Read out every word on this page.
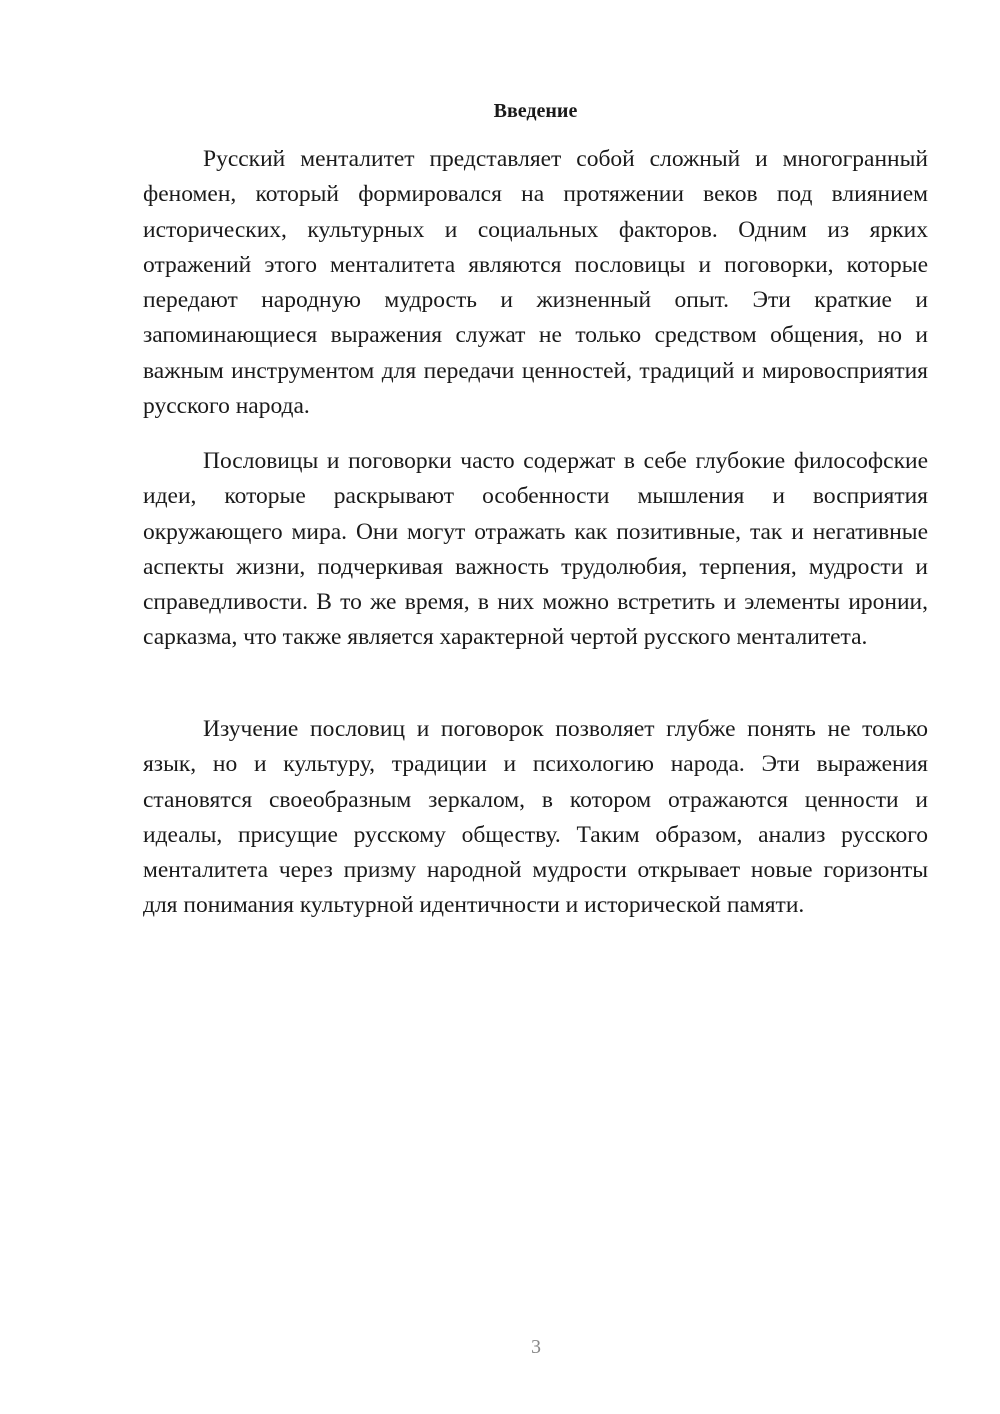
Введение

Русский менталитет представляет собой сложный и многогранный феномен, который формировался на протяжении веков под влиянием исторических, культурных и социальных факторов. Одним из ярких отражений этого менталитета являются пословицы и поговорки, которые передают народную мудрость и жизненный опыт. Эти краткие и запоминающиеся выражения служат не только средством общения, но и важным инструментом для передачи ценностей, традиций и мировосприятия русского народа.

Пословицы и поговорки часто содержат в себе глубокие философские идеи, которые раскрывают особенности мышления и восприятия окружающего мира. Они могут отражать как позитивные, так и негативные аспекты жизни, подчеркивая важность трудолюбия, терпения, мудрости и справедливости. В то же время, в них можно встретить и элементы иронии, сарказма, что также является характерной чертой русского менталитета.

Изучение пословиц и поговорок позволяет глубже понять не только язык, но и культуру, традиции и психологию народа. Эти выражения становятся своеобразным зеркалом, в котором отражаются ценности и идеалы, присущие русскому обществу. Таким образом, анализ русского менталитета через призму народной мудрости открывает новые горизонты для понимания культурной идентичности и исторической памяти.

3
